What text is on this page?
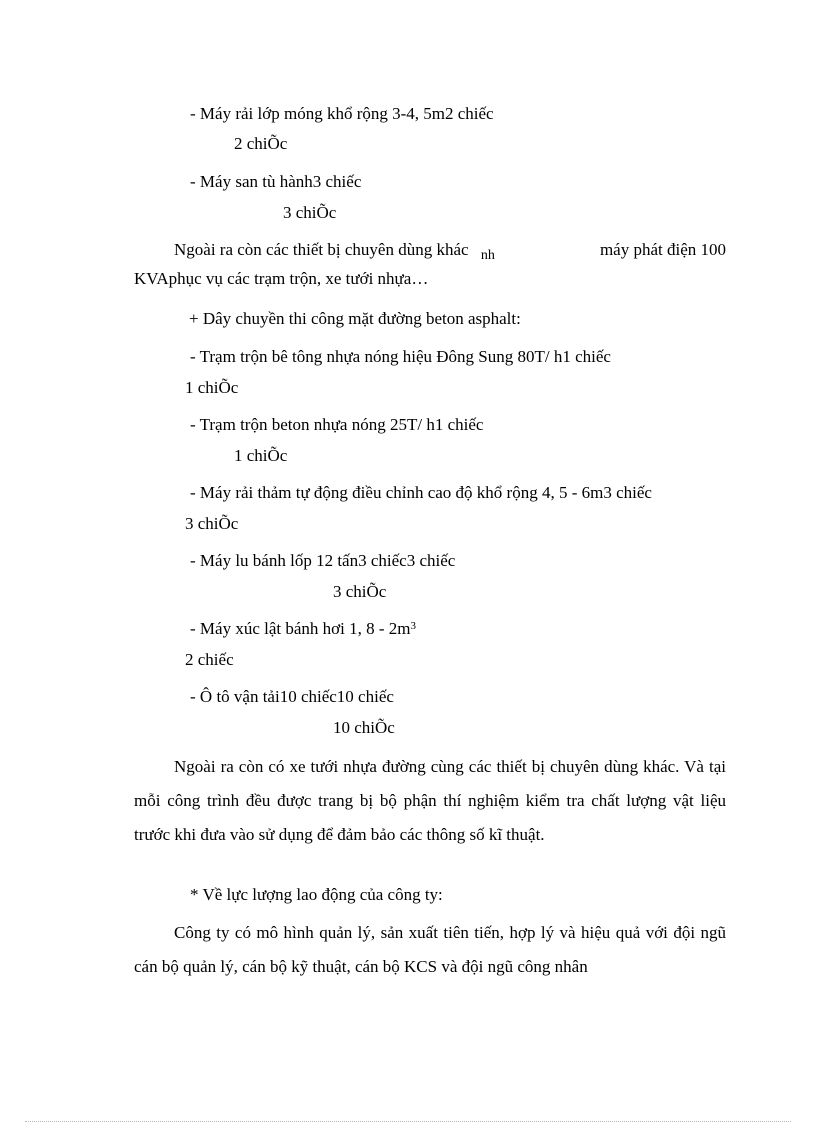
- Máy rải lớp móng khổ rộng 3-4, 5m2 chiếc
2 chiÕc
- Máy san tù hành3 chiếc
3 chiÕc
Ngoài ra còn các thiết bị chuyên dùng khác $_{nh}$	máy phát điện 100
KVAphục vụ các trạm trộn, xe tưới nhựa…
+ Dây chuyền thi công mặt đường beton asphalt:
- Trạm trộn bê tông nhựa nóng hiệu Đông Sung 80T/ h1 chiếc
1 chiÕc
- Trạm trộn beton nhựa nóng 25T/ h1 chiếc
1 chiÕc
- Máy rải thảm tự động điều chỉnh cao độ khổ rộng 4, 5 - 6m3 chiếc
3 chiÕc
- Máy lu bánh lốp 12 tấn3 chiếc3 chiếc
3 chiÕc
- Máy xúc lật bánh hơi 1, $8 - 2m^3$
2 chiếc
- Ô tô vận tải10 chiếc10 chiếc
10 chiÕc
Ngoài ra còn có xe tưới nhựa đường cùng các thiết bị chuyên dùng khác. Và tại mỗi công trình đều được trang bị bộ phận thí nghiệm kiểm tra chất lượng vật liệu trước khi đưa vào sử dụng để đảm bảo các thông số kĩ thuật.
* Về lực lượng lao động của công ty:
Công ty có mô hình quản lý, sản xuất tiên tiến, hợp lý và hiệu quả với đội ngũ cán bộ quản lý, cán bộ kỹ thuật, cán bộ KCS và đội ngũ công nhân
